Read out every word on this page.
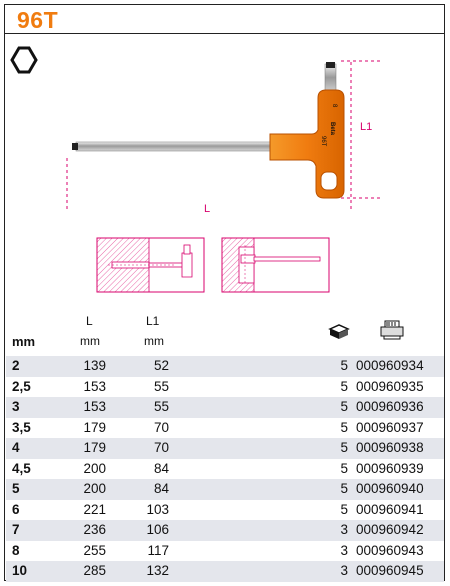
96T
Beta
96T
8
L
L1
mm
L
mm
L1
mm
2	139	52	5 000960934
2,5	153	55	5 000960935
3	153	55	5 000960936
3,5	179	70	5 000960937
4	179	70	5 000960938
4,5	200	84	5 000960939
5	200	84	5 000960940
6	221	103	5 000960941
7	236	106	3 000960942
8	255	117	3 000960943
10	285	132	3 000960945
